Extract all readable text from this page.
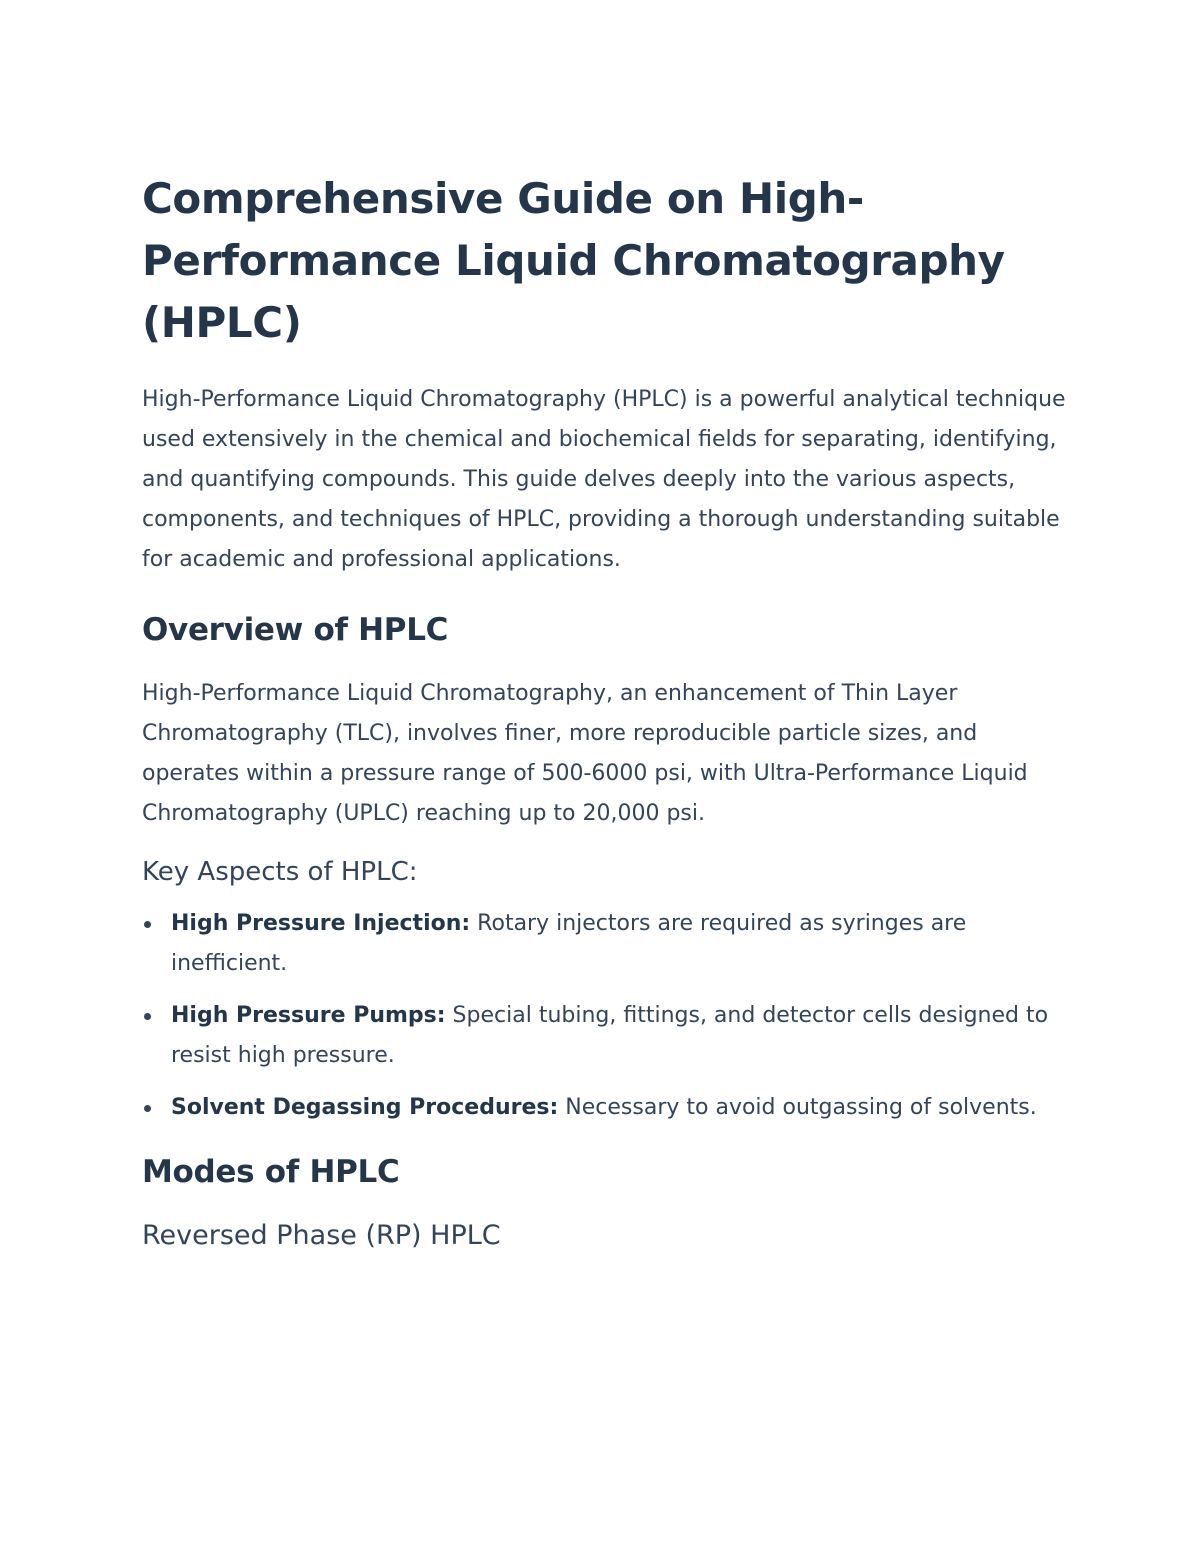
Comprehensive Guide on High-Performance Liquid Chromatography (HPLC)

High-Performance Liquid Chromatography (HPLC) is a powerful analytical technique used extensively in the chemical and biochemical fields for separating, identifying, and quantifying compounds. This guide delves deeply into the various aspects, components, and techniques of HPLC, providing a thorough understanding suitable for academic and professional applications.

Overview of HPLC

High-Performance Liquid Chromatography, an enhancement of Thin Layer Chromatography (TLC), involves finer, more reproducible particle sizes, and operates within a pressure range of 500-6000 psi, with Ultra-Performance Liquid Chromatography (UPLC) reaching up to 20,000 psi.

Key Aspects of HPLC:
High Pressure Injection: Rotary injectors are required as syringes are inefficient.
High Pressure Pumps: Special tubing, fittings, and detector cells designed to resist high pressure.
Solvent Degassing Procedures: Necessary to avoid outgassing of solvents.
Modes of HPLC
Reversed Phase (RP) HPLC
